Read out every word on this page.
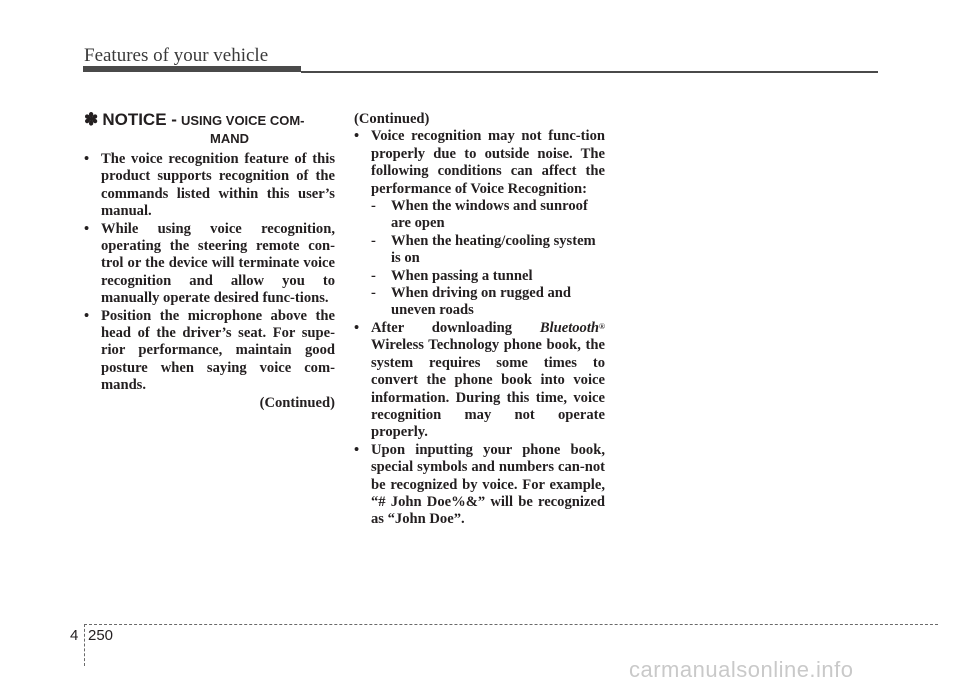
Features of your vehicle
✽ NOTICE - USING VOICE COM-
MAND
• The voice recognition feature of this product supports recognition of the commands listed within this user’s manual.
• While using voice recognition, operating the steering remote con-trol or the device will terminate voice recognition and allow you to manually operate desired func-tions.
• Position the microphone above the head of the driver’s seat. For supe-rior performance, maintain good posture when saying voice com-mands.
(Continued)
(Continued)
• Voice recognition may not func-tion properly due to outside noise. The following conditions can affect the performance of Voice Recognition:
- When the windows and sunroof are open
- When the heating/cooling system is on
- When passing a tunnel
- When driving on rugged and uneven roads
• After downloading Bluetooth® Wireless Technology phone book, the system requires some times to convert the phone book into voice information. During this time, voice recognition may not operate properly.
• Upon inputting your phone book, special symbols and numbers can-not be recognized by voice. For example, “# John Doe%&” will be recognized as “John Doe”.
4 250
carmanualsonline.info
